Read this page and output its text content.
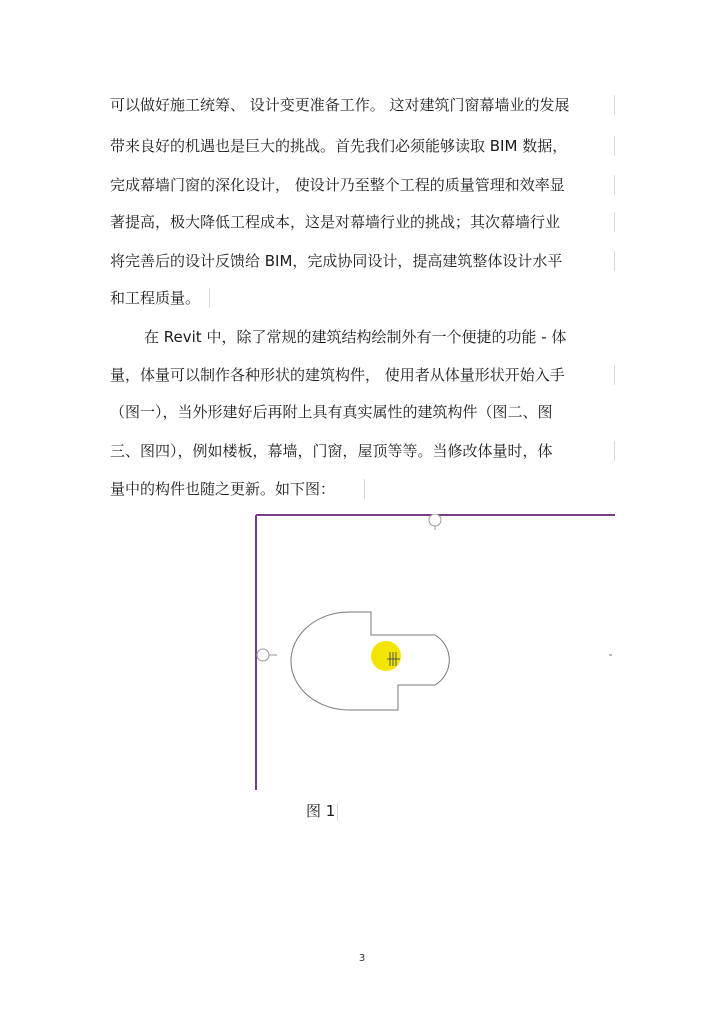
可以做好施工统筹、 设计变更准备工作。 这对建筑门窗幕墙业的发展
带来良好的机遇也是巨大的挑战。首先我们必须能够读取 BIM 数据，
完成幕墙门窗的深化设计， 使设计乃至整个工程的质量管理和效率显
著提高，极大降低工程成本，这是对幕墙行业的挑战；其次幕墙行业
将完善后的设计反馈给 BIM，完成协同设计，提高建筑整体设计水平
和工程质量。
在 Revit 中，除了常规的建筑结构绘制外有一个便捷的功能 - 体
量，体量可以制作各种形状的建筑构件， 使用者从体量形状开始入手
（图一），当外形建好后再附上具有真实属性的建筑构件（图二、图
三、图四），例如楼板，幕墙，门窗，屋顶等等。当修改体量时，体
量中的构件也随之更新。如下图：
图 1
3
